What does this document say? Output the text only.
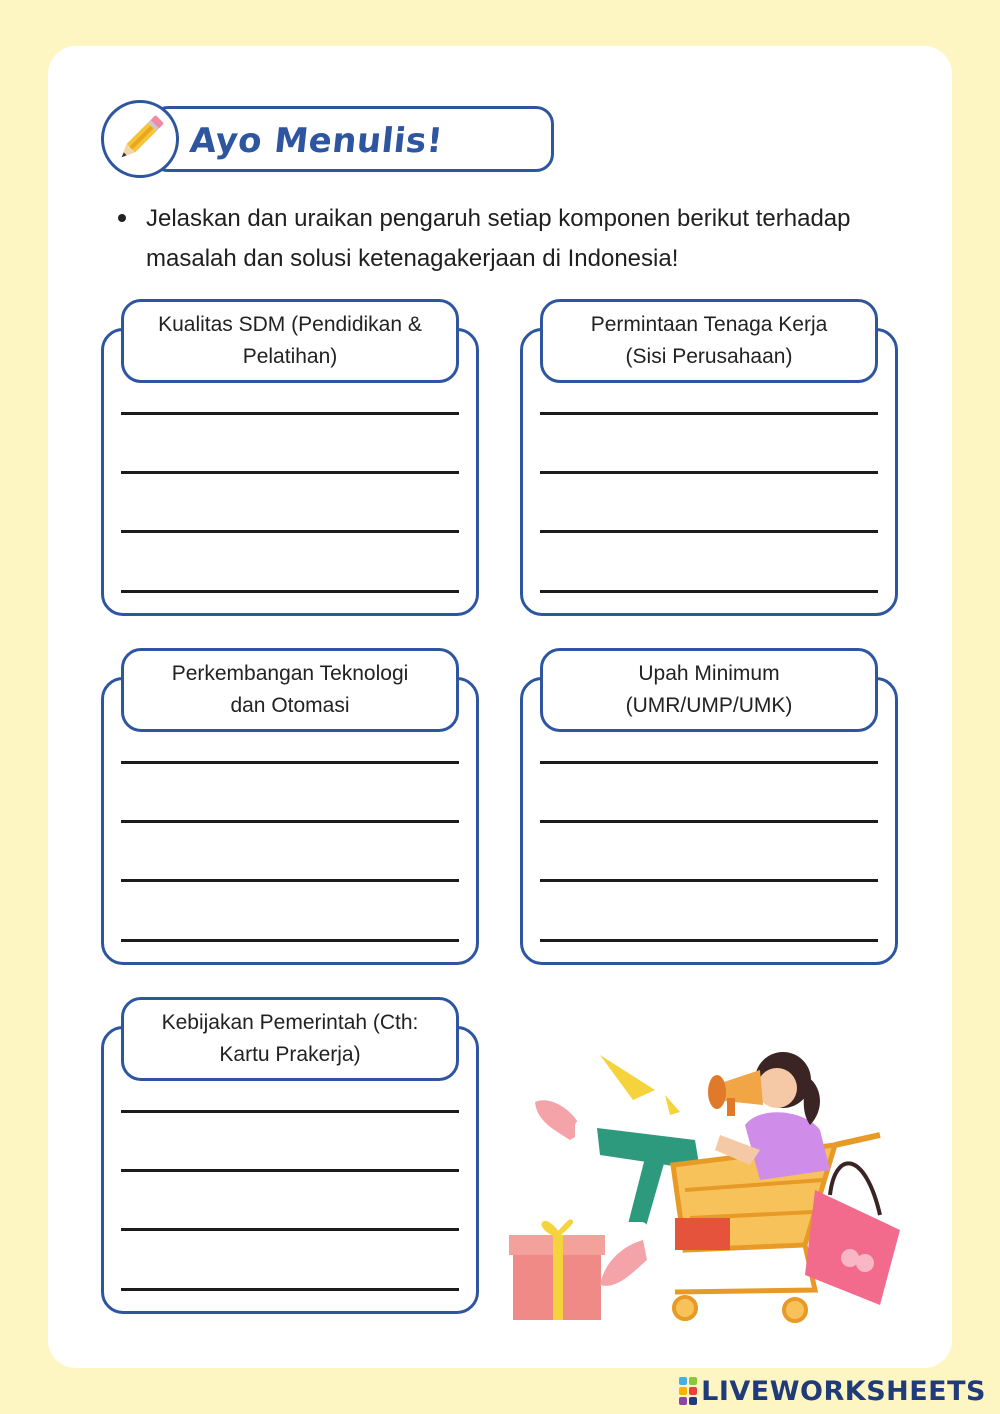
Ayo Menulis!
Jelaskan dan uraikan pengaruh setiap komponen berikut terhadap masalah dan solusi ketenagakerjaan di Indonesia!
Kualitas SDM (Pendidikan &
Pelatihan)
Permintaan Tenaga Kerja
(Sisi Perusahaan)
Perkembangan Teknologi
dan Otomasi
Upah Minimum
(UMR/UMP/UMK)
Kebijakan Pemerintah (Cth:
Kartu Prakerja)
LIVEWORKSHEETS
